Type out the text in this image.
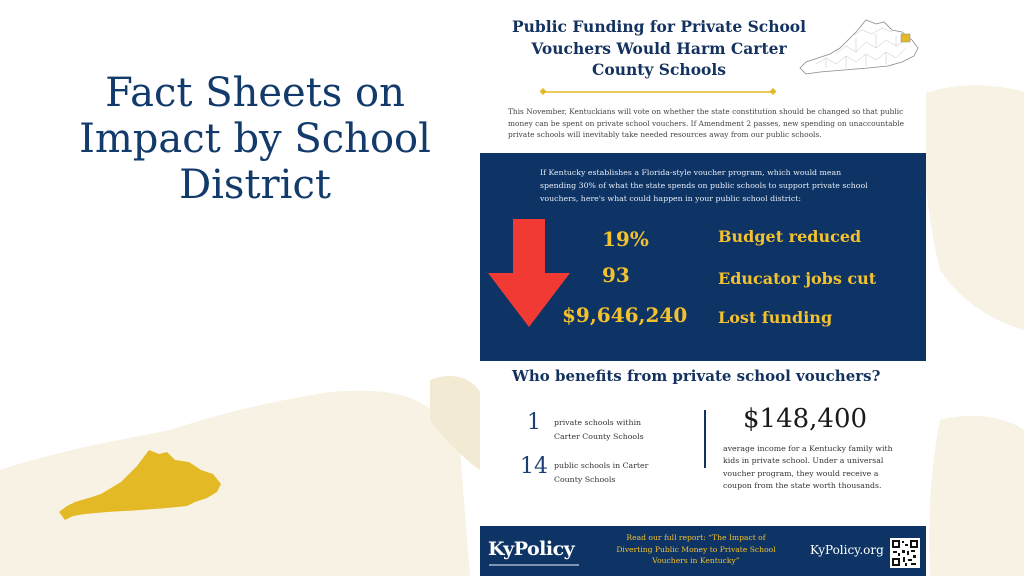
Fact Sheets on Impact by School District
Public Funding for Private School Vouchers Would Harm Carter County Schools

This November, Kentuckians will vote on whether the state constitution should be changed so that public money can be spent on private school vouchers. If Amendment 2 passes, new spending on unaccountable private schools will inevitably take needed resources away from our public schools.

If Kentucky establishes a Florida-style voucher program, which would mean spending 30% of what the state spends on public schools to support private school vouchers, here's what could happen in your public school district:

19%	Budget reduced
93	Educator jobs cut
$9,646,240 Lost funding
Who benefits from private school vouchers?
1	private schools within Carter County Schools
14 public schools in Carter County Schools
$148,400

average income for a Kentucky family with kids in private school. Under a universal voucher program, they would receive a coupon from the state worth thousands.

KyPolicy

Read our full report: “The Impact of Diverting Public Money to Private School Vouchers in Kentucky”

KyPolicy.org
